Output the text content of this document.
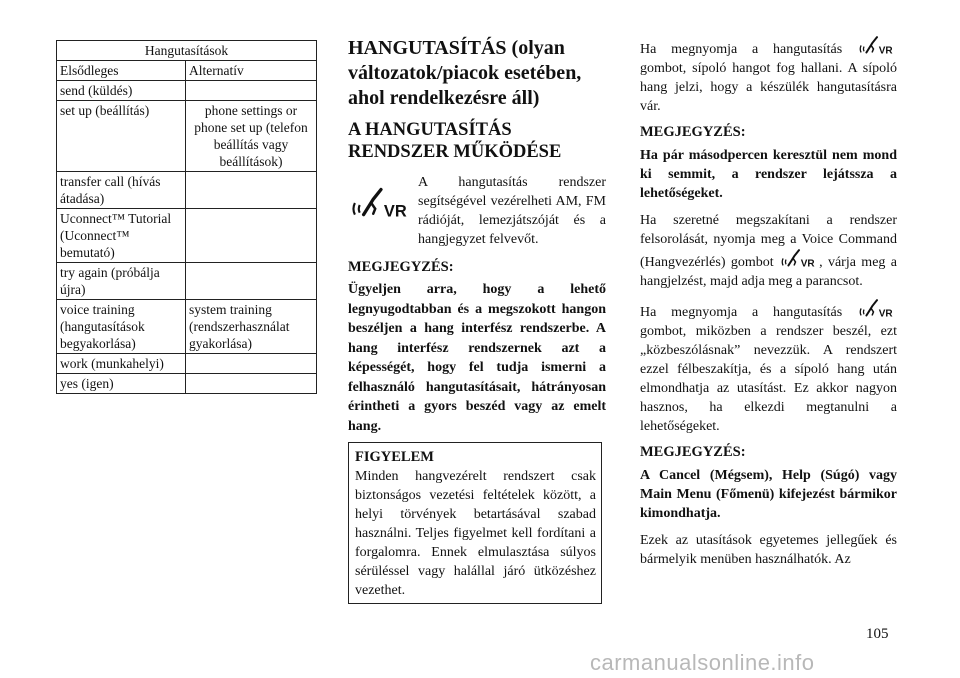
Hangutasítások	
Elsődleges	Alternatív
send (küldés)	
set up (beállítás)	phone settings or phone set up (telefon beállítás vagy beállítások)
transfer call (hívás átadása)	
Uconnect™ Tutorial (Uconnect™ bemutató)	
try again (próbálja újra)	
voice training (hangutasítások begyakorlása)	system training (rendszerhasználat gyakorlása)
work (munkahelyi)	
yes (igen)	
HANGUTASÍTÁS (olyan változatok/piacok esetében, ahol rendelkezésre áll)
A HANGUTASÍTÁS RENDSZER MŰKÖDÉSE

A hangutasítás rendszer segítségével vezérelheti AM, FM rádióját, lemezjátszóját és a hangjegyzet felvevőt.

MEGJEGYZÉS:

Ügyeljen arra, hogy a lehető legnyugodtabban és a megszokott hangon beszéljen a hang interfész rendszerbe. A hang interfész rendszernek azt a képességét, hogy fel tudja ismerni a felhasználó hangutasításait, hátrányosan érintheti a gyors beszéd vagy az emelt hang.

FIGYELEM

Minden hangvezérelt rendszert csak biztonságos vezetési feltételek között, a helyi törvények betartásával szabad használni. Teljes figyelmet kell fordítani a forgalomra. Ennek elmulasztása súlyos sérüléssel vagy halállal járó ütközéshez vezethet.

Ha megnyomja a hangutasítás  gombot, sípoló hangot fog hallani. A sípoló hang jelzi, hogy a készülék hangutasításra vár.

MEGJEGYZÉS:

Ha pár másodpercen keresztül nem mond ki semmit, a rendszer lejátssza a lehetőségeket.

Ha szeretné megszakítani a rendszer felsorolását, nyomja meg a Voice Command (Hangvezérlés) gombot	, várja meg a hangjelzést, majd adja meg a parancsot.

Ha megnyomja a hangutasítás  gombot, miközben a rendszer beszél, ezt „közbeszólásnak” nevezzük. A rendszert ezzel félbeszakítja, és a sípoló hang után elmondhatja az utasítást. Ez akkor nagyon hasznos, ha elkezdi megtanulni a lehetőségeket.

MEGJEGYZÉS:

A Cancel (Mégsem), Help (Súgó) vagy Main Menu (Főmenü) kifejezést bármikor kimondhatja.

Ezek az utasítások egyetemes jellegűek és bármelyik menüben használhatók. Az

105
carmanualsonline.info
